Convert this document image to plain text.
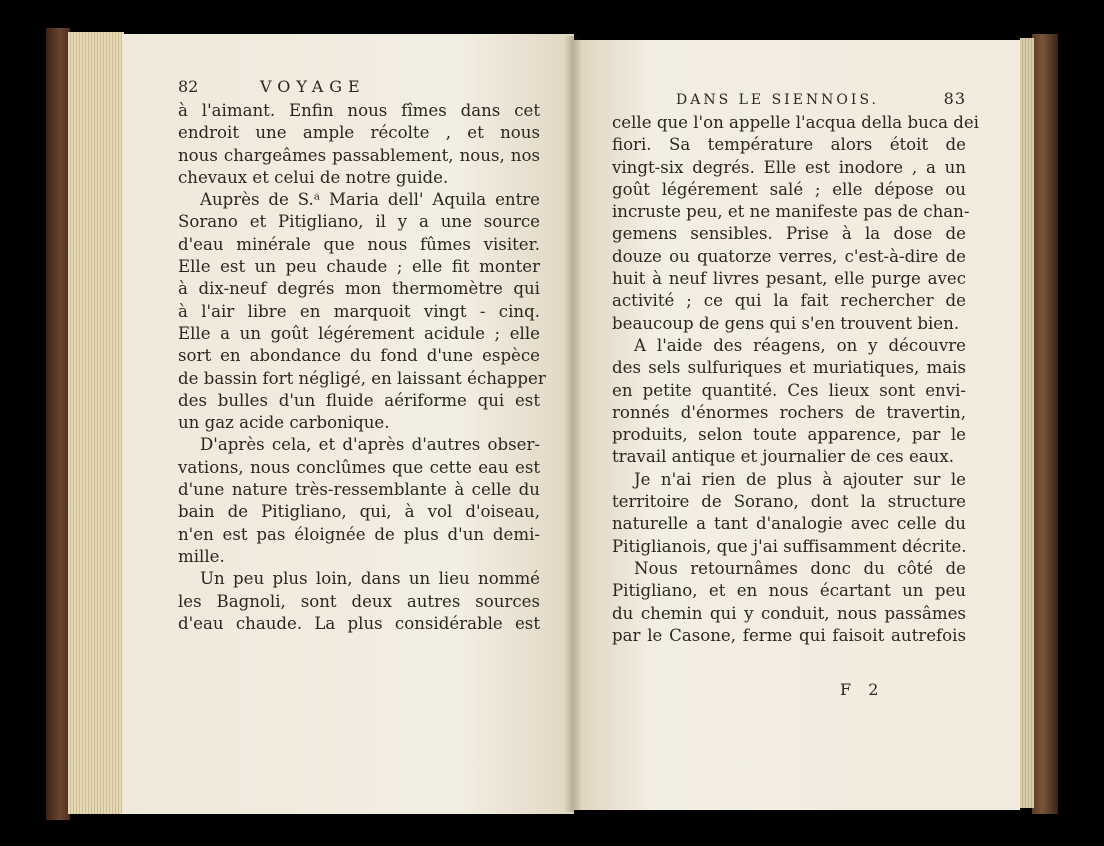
82	VOYAGE
à l'aimant. Enfin nous fîmes dans cet
endroit une ample récolte , et nous
nous chargeâmes passablement, nous, nos
chevaux et celui de notre guide.
Auprès de S.ᵃ Maria dell' Aquila entre
Sorano et Pitigliano, il y a une source
d'eau minérale que nous fûmes visiter.
Elle est un peu chaude ; elle fit monter
à dix-neuf degrés mon thermomètre qui
à l'air libre en marquoit vingt - cinq.
Elle a un goût légérement acidule ; elle
sort en abondance du fond d'une espèce
de bassin fort négligé, en laissant échapper
des bulles d'un fluide aériforme qui est
un gaz acide carbonique.
D'après cela, et d'après d'autres obser-
vations, nous conclûmes que cette eau est
d'une nature très-ressemblante à celle du
bain de Pitigliano, qui, à vol d'oiseau,
n'en est pas éloignée de plus d'un demi-
mille.
Un peu plus loin, dans un lieu nommé
les Bagnoli, sont deux autres sources
d'eau chaude. La plus considérable est
DANS LE SIENNOIS.	83
celle que l'on appelle l'acqua della buca dei
fiori. Sa température alors étoit de
vingt-six degrés. Elle est inodore , a un
goût légérement salé ; elle dépose ou
incruste peu, et ne manifeste pas de chan-
gemens sensibles. Prise à la dose de
douze ou quatorze verres, c'est-à-dire de
huit à neuf livres pesant, elle purge avec
activité ; ce qui la fait rechercher de
beaucoup de gens qui s'en trouvent bien.
A l'aide des réagens, on y découvre
des sels sulfuriques et muriatiques, mais
en petite quantité. Ces lieux sont envi-
ronnés d'énormes rochers de travertin,
produits, selon toute apparence, par le
travail antique et journalier de ces eaux.
Je n'ai rien de plus à ajouter sur le
territoire de Sorano, dont la structure
naturelle a tant d'analogie avec celle du
Pitiglianois, que j'ai suffisamment décrite.
Nous retournâmes donc du côté de
Pitigliano, et en nous écartant un peu
du chemin qui y conduit, nous passâmes
par le Casone, ferme qui faisoit autrefois
F 2
